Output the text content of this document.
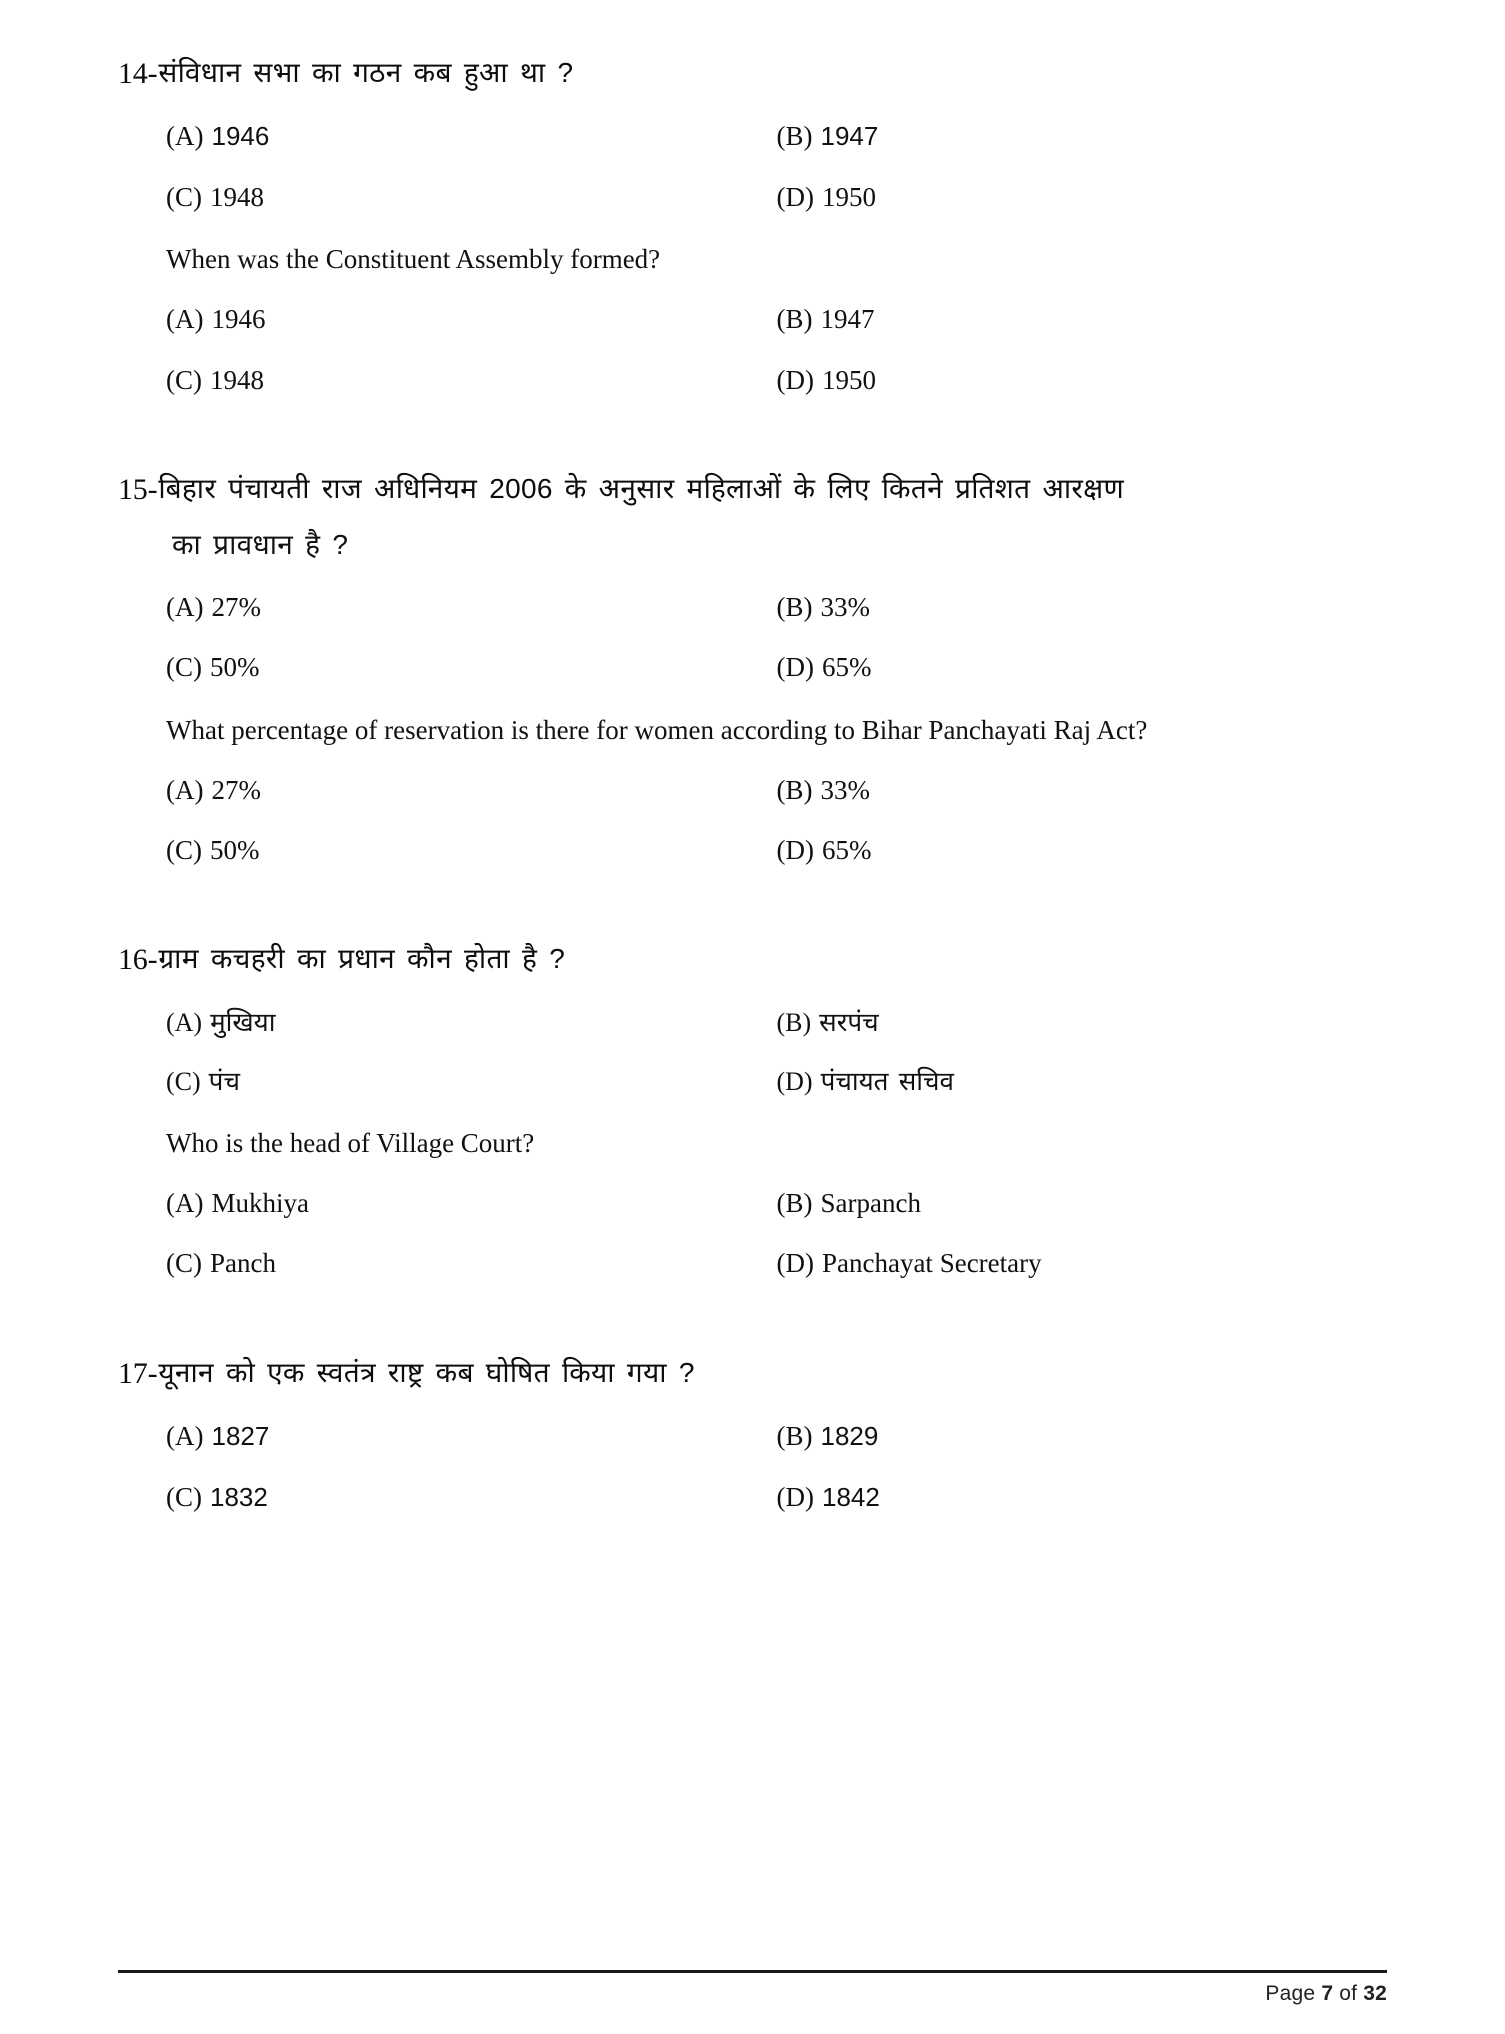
14- संविधान सभा का गठन कब हुआ था ?
(A) 1946	(B) 1947
(C) 1948	(D) 1950
When was the Constituent Assembly formed?
(A) 1946	(B) 1947
(C) 1948	(D) 1950
15- बिहार पंचायती राज अधिनियम 2006 के अनुसार महिलाओं के लिए कितने प्रतिशत आरक्षण
का प्रावधान है ?
(A) 27%	(B) 33%
(C) 50%	(D) 65%
What percentage of reservation is there for women according to Bihar Panchayati Raj Act?
(A) 27%	(B) 33%
(C) 50%	(D) 65%
16- ग्राम कचहरी का प्रधान कौन होता है ?
(A) मुखिया	(B) सरपंच
(C) पंच	(D) पंचायत सचिव
Who is the head of Village Court?
(A) Mukhiya	(B) Sarpanch
(C) Panch	(D) Panchayat Secretary
17- यूनान को एक स्वतंत्र राष्ट्र कब घोषित किया गया ?
(A) 1827	(B) 1829
(C) 1832	(D) 1842
Page 7 of 32
